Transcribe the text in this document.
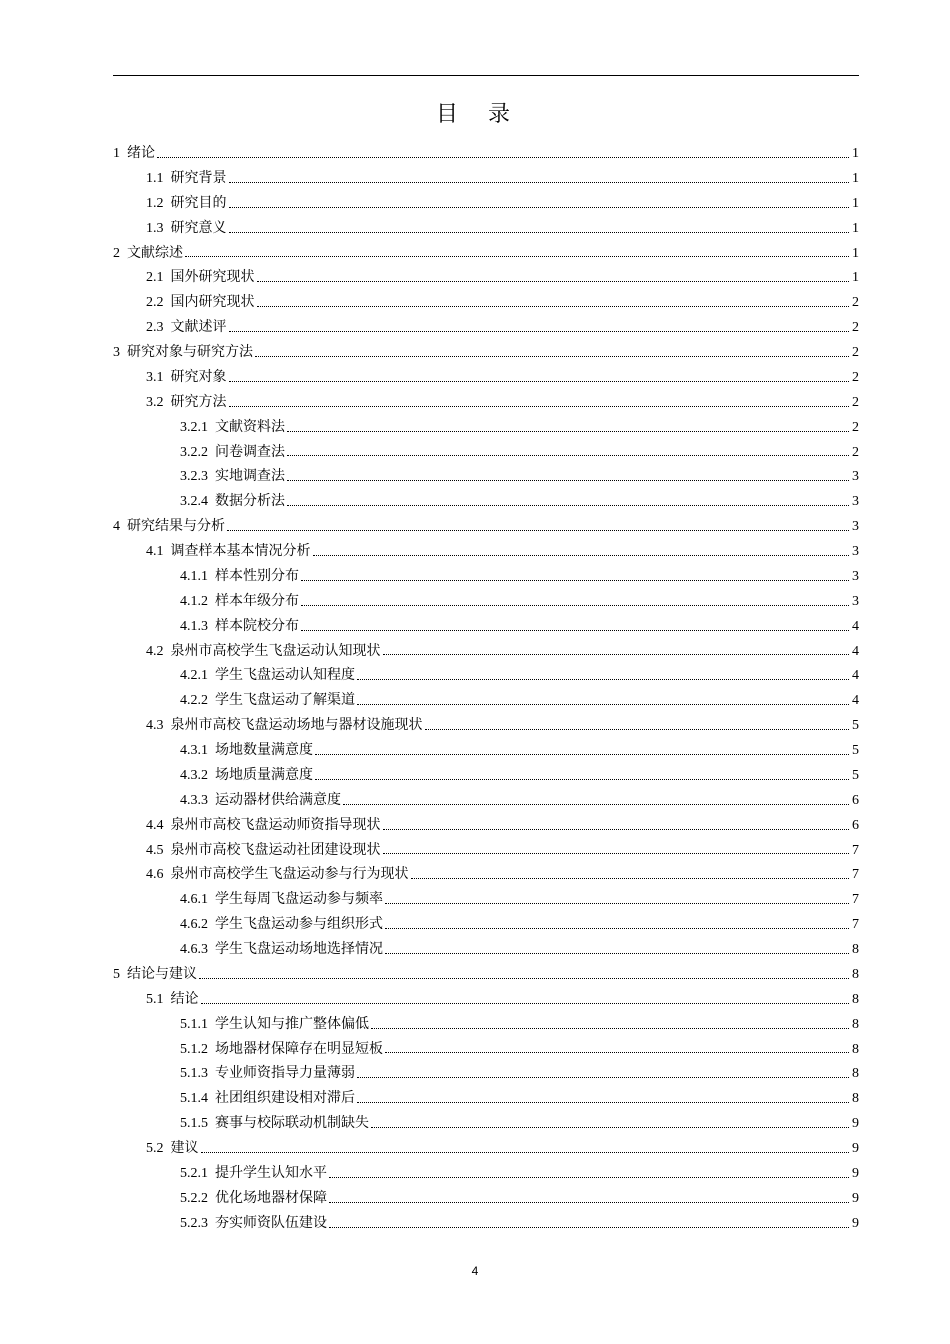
目　录
1 绪论	1
1.1 研究背景	1
1.2 研究目的	1
1.3 研究意义	1
2 文献综述	1
2.1 国外研究现状	1
2.2 国内研究现状	2
2.3 文献述评	2
3 研究对象与研究方法	2
3.1 研究对象	2
3.2 研究方法	2
3.2.1 文献资料法	2
3.2.2 问卷调查法	2
3.2.3 实地调查法	3
3.2.4 数据分析法	3
4 研究结果与分析	3
4.1 调查样本基本情况分析	3
4.1.1 样本性别分布	3
4.1.2 样本年级分布	3
4.1.3 样本院校分布	4
4.2 泉州市高校学生飞盘运动认知现状	4
4.2.1 学生飞盘运动认知程度	4
4.2.2 学生飞盘运动了解渠道	4
4.3 泉州市高校飞盘运动场地与器材设施现状	5
4.3.1 场地数量满意度	5
4.3.2 场地质量满意度	5
4.3.3 运动器材供给满意度	6
4.4 泉州市高校飞盘运动师资指导现状	6
4.5 泉州市高校飞盘运动社团建设现状	7
4.6 泉州市高校学生飞盘运动参与行为现状	7
4.6.1 学生每周飞盘运动参与频率	7
4.6.2 学生飞盘运动参与组织形式	7
4.6.3 学生飞盘运动场地选择情况	8
5 结论与建议	8
5.1 结论	8
5.1.1 学生认知与推广整体偏低	8
5.1.2 场地器材保障存在明显短板	8
5.1.3 专业师资指导力量薄弱	8
5.1.4 社团组织建设相对滞后	8
5.1.5 赛事与校际联动机制缺失	9
5.2 建议	9
5.2.1 提升学生认知水平	9
5.2.2 优化场地器材保障	9
5.2.3 夯实师资队伍建设	9
4
